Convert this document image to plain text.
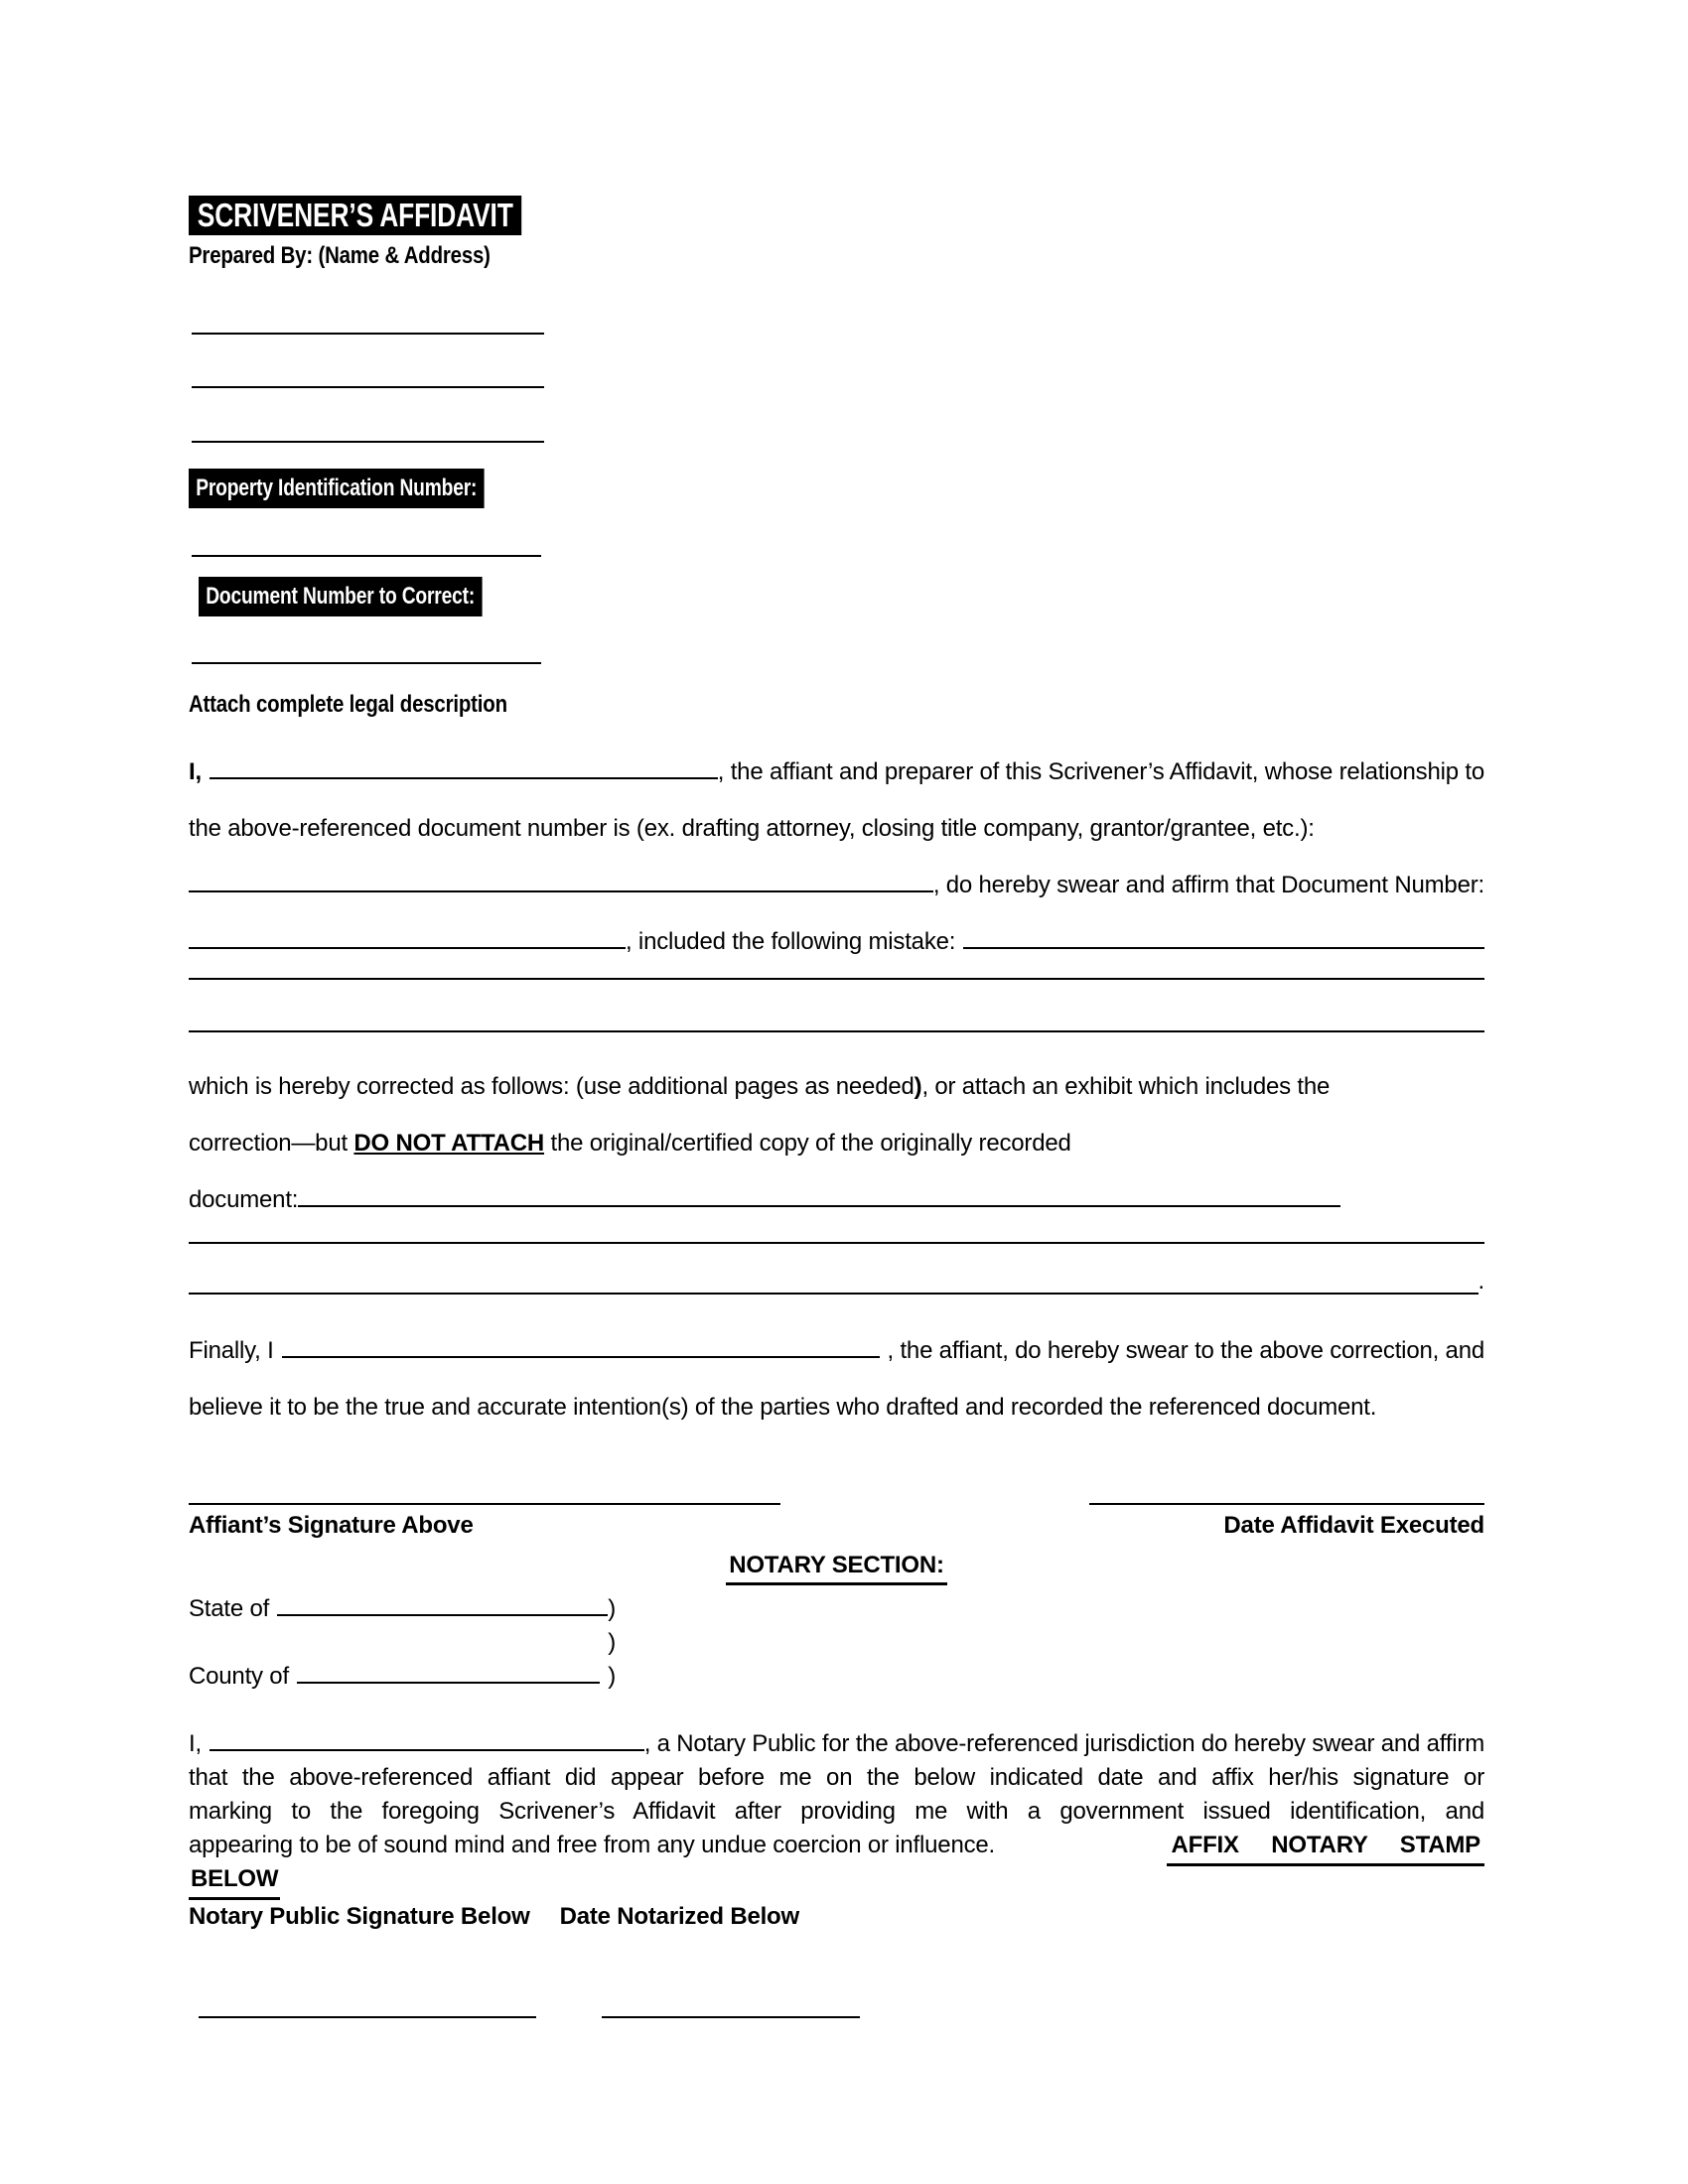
SCRIVENER’S AFFIDAVIT
Prepared By: (Name & Address)
Property Identification Number:
Document Number to Correct:
Attach complete legal description
I,	, the affiant and preparer of this Scrivener’s Affidavit, whose relationship to
the above-referenced document number is (ex. drafting attorney, closing title company, grantor/grantee, etc.):
, do hereby swear and affirm that Document Number:
, included the following mistake:
which is hereby corrected as follows: (use additional pages as needed), or attach an exhibit which includes the
correction—but DO NOT ATTACH the original/certified copy of the originally recorded
document:
.
Finally, I	, the affiant, do hereby swear to the above correction, and
believe it to be the true and accurate intention(s) of the parties who drafted and recorded the referenced document.
Affiant’s Signature Above	Date Affidavit Executed
NOTARY SECTION:
State of	)
)
County of	)
I,	, a Notary Public for the above-referenced jurisdiction do hereby swear and affirm
that the above-referenced affiant did appear before me on the below indicated date and affix her/his signature or
marking to the foregoing Scrivener’s Affidavit after providing me with a government issued identification, and
appearing to be of sound mind and free from any undue coercion or influence.	AFFIX NOTARY STAMP
BELOW
Notary Public Signature Below Date Notarized Below
